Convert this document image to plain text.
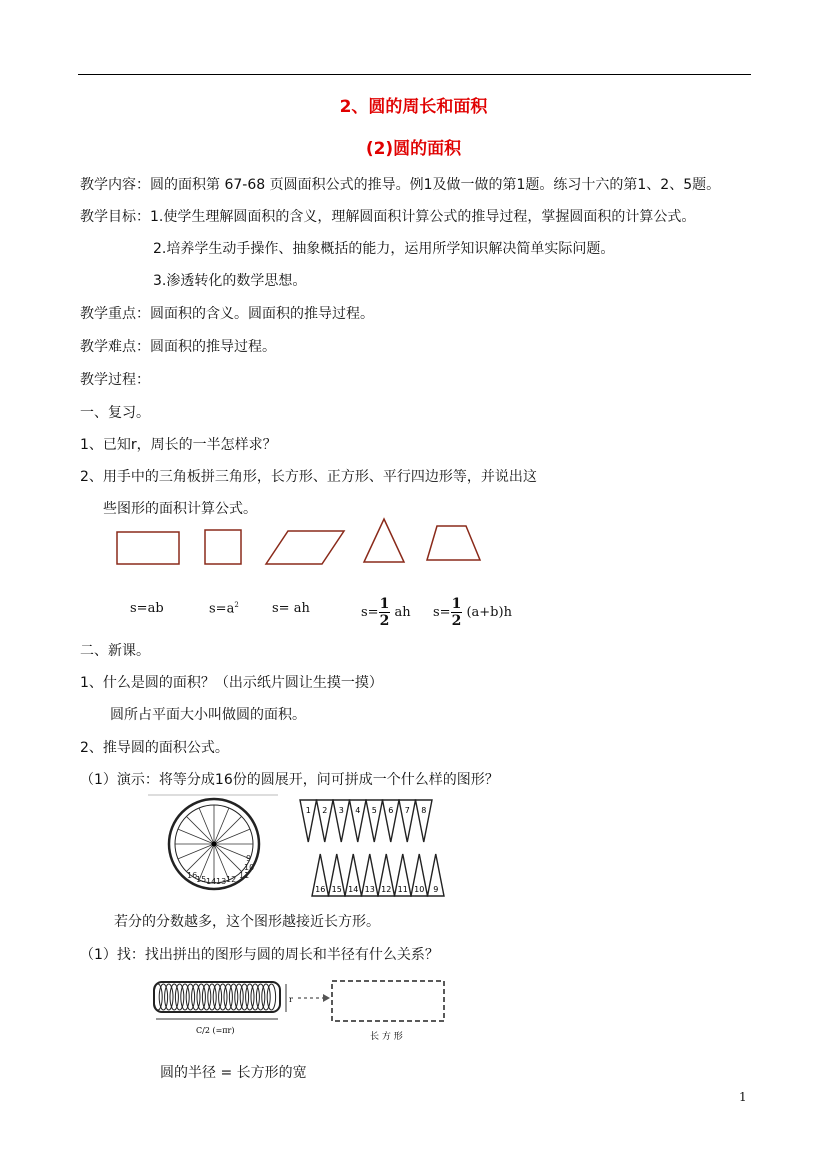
2、圆的周长和面积
(2)圆的面积
教学内容：圆的面积第 67-68 页圆面积公式的推导。例1及做一做的第1题。练习十六的第1、2、5题。
教学目标：1.使学生理解圆面积的含义，理解圆面积计算公式的推导过程，掌握圆面积的计算公式。
2.培养学生动手操作、抽象概括的能力，运用所学知识解决简单实际问题。
3.渗透转化的数学思想。
教学重点：圆面积的含义。圆面积的推导过程。
教学难点：圆面积的推导过程。
教学过程：
一、复习。
1、已知r，周长的一半怎样求？
2、用手中的三角板拼三角形，长方形、正方形、平行四边形等，并说出这
些图形的面积计算公式。
s=ab	$s=a^2$	s= ah	$s= \frac{1}{2}$ ah $s= \frac{1}{2} (a+b)h$
二、新课。
1、什么是圆的面积？（出示纸片圆让生摸一摸）
圆所占平面大小叫做圆的面积。
2、推导圆的面积公式。
（1）演示：将等分成16份的圆展开，问可拼成一个什么样的图形？
10
9
11
12
13
14
15
16
1 2 3 4 5 6 7 8
16 15 14 13 12 11 10 9
若分的分数越多，这个图形越接近长方形。
（1）找：找出拼出的图形与圆的周长和半径有什么关系？
r
C/2 (=πr)
长 方 形
圆的半径 = 长方形的宽
1
